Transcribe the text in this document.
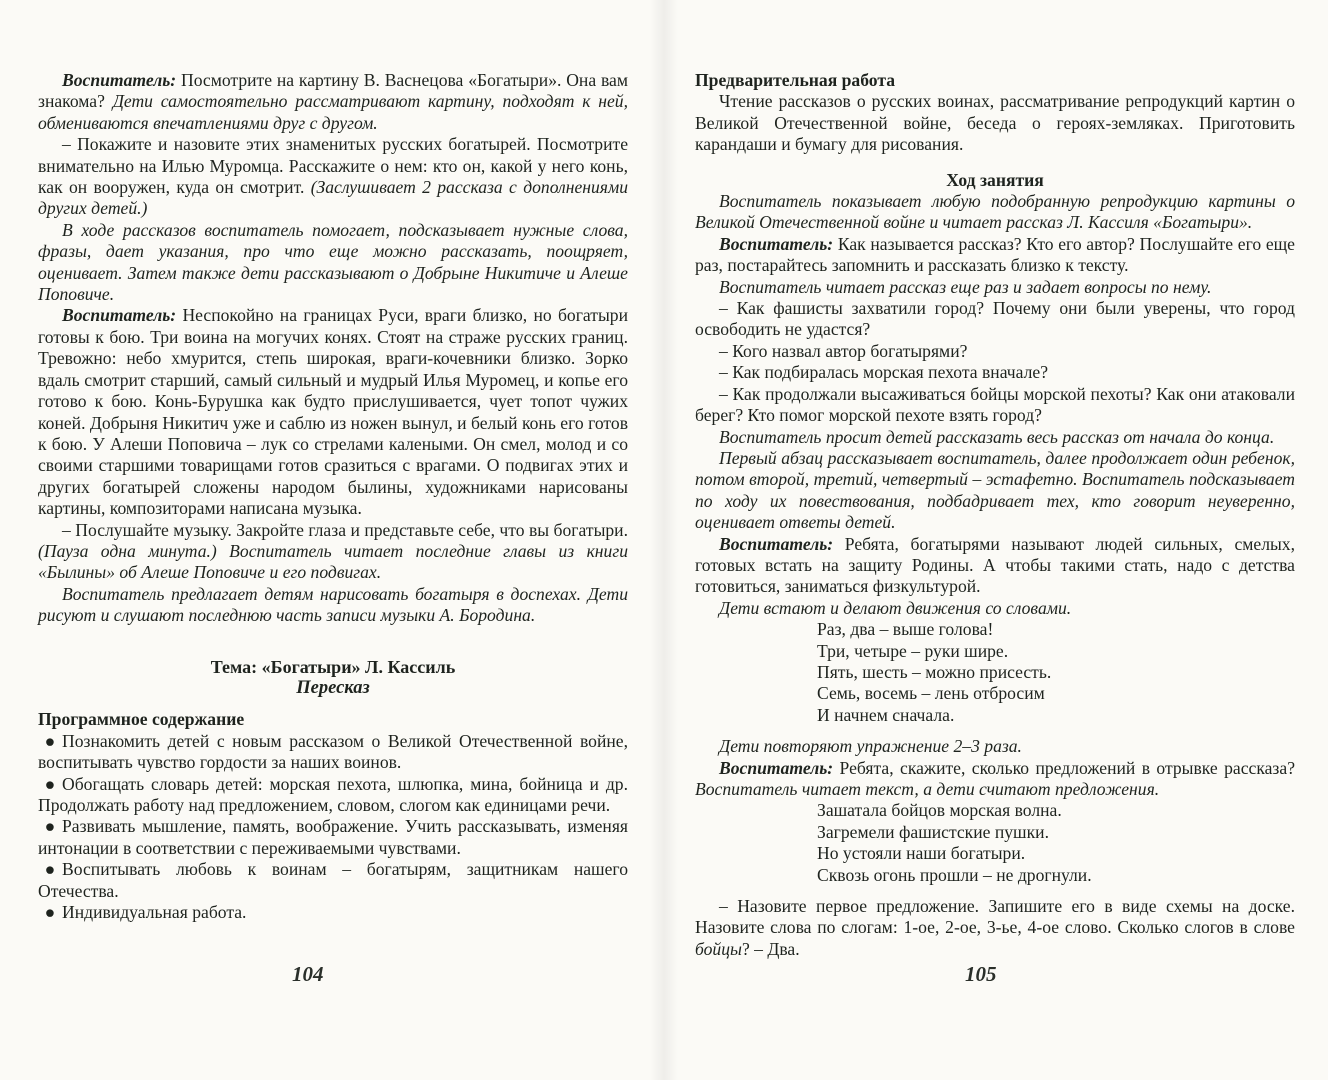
Воспитатель: Посмотрите на картину В. Васнецова «Богатыри». Она вам знакома? Дети самостоятельно рассматривают картину, подходят к ней, обмениваются впечатлениями друг с другом.

– Покажите и назовите этих знаменитых русских богатырей. Посмотрите внимательно на Илью Муромца. Расскажите о нем: кто он, какой у него конь, как он вооружен, куда он смотрит. (Заслушивает 2 рассказа с дополнениями других детей.)

В ходе рассказов воспитатель помогает, подсказывает нужные слова, фразы, дает указания, про что еще можно рассказать, поощряет, оценивает. Затем также дети рассказывают о Добрыне Никитиче и Алеше Поповиче.

Воспитатель: Неспокойно на границах Руси, враги близко, но богатыри готовы к бою. Три воина на могучих конях. Стоят на страже русских границ. Тревожно: небо хмурится, степь широкая, враги-кочевники близко. Зорко вдаль смотрит старший, самый сильный и мудрый Илья Муромец, и копье его готово к бою. Конь-Бурушка как будто прислушивается, чует топот чужих коней. Добрыня Никитич уже и саблю из ножен вынул, и белый конь его готов к бою. У Алеши Поповича – лук со стрелами калеными. Он смел, молод и со своими старшими товарищами готов сразиться с врагами. О подвигах этих и других богатырей сложены народом былины, художниками нарисованы картины, композиторами написана музыка.

– Послушайте музыку. Закройте глаза и представьте себе, что вы богатыри. (Пауза одна минута.) Воспитатель читает последние главы из книги «Былины» об Алеше Поповиче и его подвигах.

Воспитатель предлагает детям нарисовать богатыря в доспехах. Дети рисуют и слушают последнюю часть записи музыки А. Бородина.

Тема: «Богатыри» Л. Кассиль
Пересказ

Программное содержание

● Познакомить детей с новым рассказом о Великой Отечественной войне, воспитывать чувство гордости за наших воинов.

● Обогащать словарь детей: морская пехота, шлюпка, мина, бойница и др. Продолжать работу над предложением, словом, слогом как единицами речи.

● Развивать мышление, память, воображение. Учить рассказывать, изменяя интонации в соответствии с переживаемыми чувствами.

● Воспитывать любовь к воинам – богатырям, защитникам нашего Отечества.

● Индивидуальная работа.

104

Предварительная работа

Чтение рассказов о русских воинах, рассматривание репродукций картин о Великой Отечественной войне, беседа о героях-земляках. Приготовить карандаши и бумагу для рисования.

Ход занятия

Воспитатель показывает любую подобранную репродукцию картины о Великой Отечественной войне и читает рассказ Л. Кассиля «Богатыри».

Воспитатель: Как называется рассказ? Кто его автор? Послушайте его еще раз, постарайтесь запомнить и рассказать близко к тексту.

Воспитатель читает рассказ еще раз и задает вопросы по нему.

– Как фашисты захватили город? Почему они были уверены, что город освободить не удастся?

– Кого назвал автор богатырями?

– Как подбиралась морская пехота вначале?

– Как продолжали высаживаться бойцы морской пехоты? Как они атаковали берег? Кто помог морской пехоте взять город?

Воспитатель просит детей рассказать весь рассказ от начала до конца.

Первый абзац рассказывает воспитатель, далее продолжает один ребенок, потом второй, третий, четвертый – эстафетно. Воспитатель подсказывает по ходу их повествования, подбадривает тех, кто говорит неуверенно, оценивает ответы детей.

Воспитатель: Ребята, богатырями называют людей сильных, смелых, готовых встать на защиту Родины. А чтобы такими стать, надо с детства готовиться, заниматься физкультурой.

Дети встают и делают движения со словами.

Раз, два – выше голова!

Три, четыре – руки шире.

Пять, шесть – можно присесть.

Семь, восемь – лень отбросим

И начнем сначала.

Дети повторяют упражнение 2–3 раза.

Воспитатель: Ребята, скажите, сколько предложений в отрывке рассказа? Воспитатель читает текст, а дети считают предложения.

Зашатала бойцов морская волна.

Загремели фашистские пушки.

Но устояли наши богатыри.

Сквозь огонь прошли – не дрогнули.

– Назовите первое предложение. Запишите его в виде схемы на доске. Назовите слова по слогам: 1-ое, 2-ое, 3-ье, 4-ое слово. Сколько слогов в слове бойцы? – Два.

105
